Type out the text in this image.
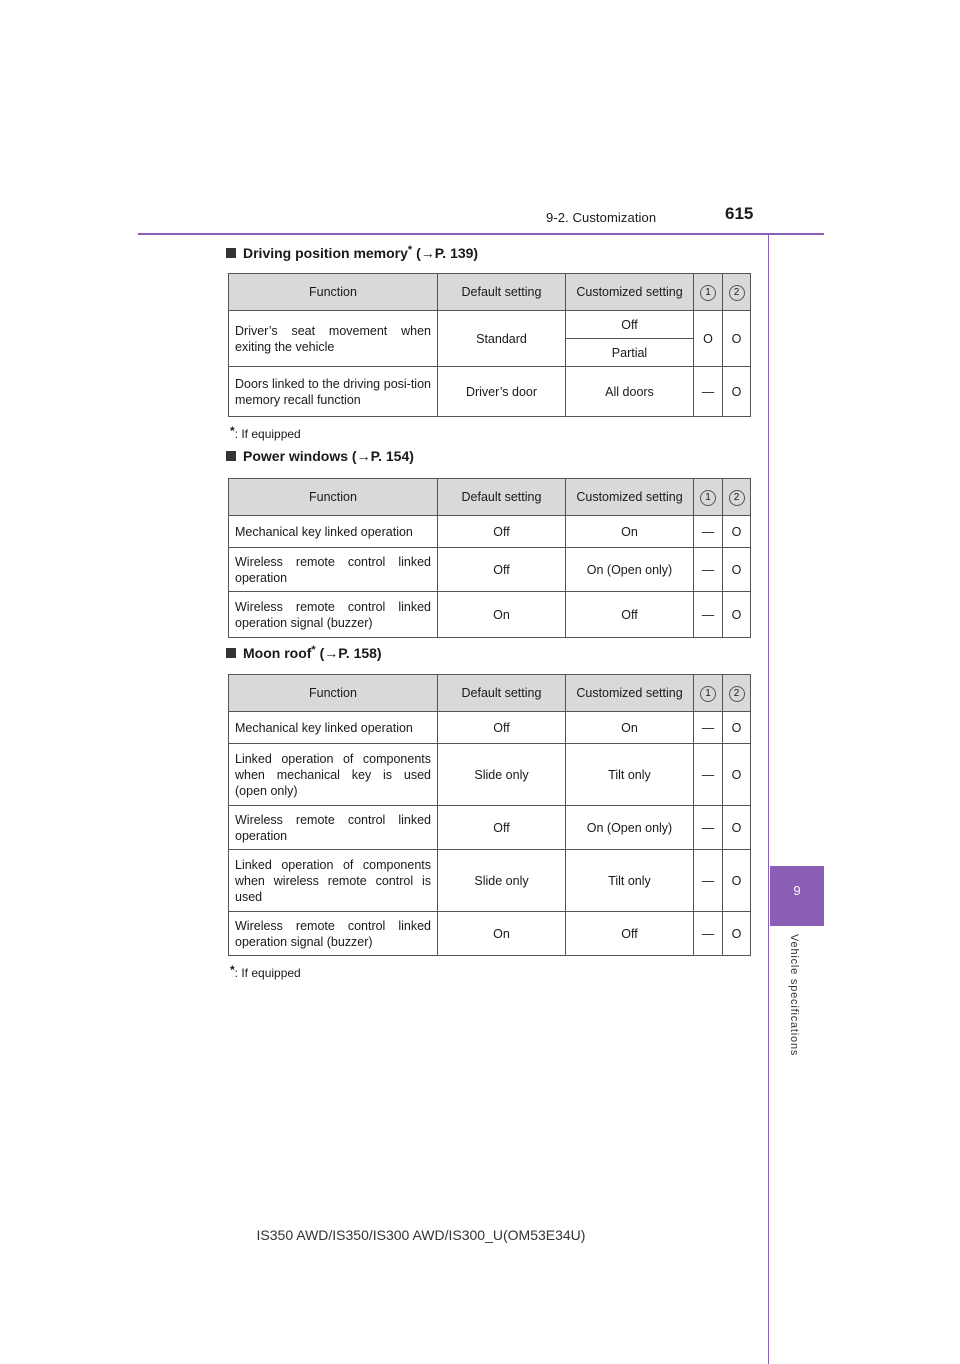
9-2. Customization	615
9
Vehicle specifications
Driving position memory* (→P. 139)
Function	Default setting	Customized setting	1	2
Driver’s seat movement when exiting the vehicle	Standard	Off	O	O
		Partial		
Doors linked to the driving posi-tion memory recall function	Driver’s door	All doors	—	O
*: If equipped
Power windows (→P. 154)
Function	Default setting	Customized setting	1	2
Mechanical key linked operation	Off	On	—	O
Wireless remote control linked operation	Off	On (Open only)	—	O
Wireless remote control linked operation signal (buzzer)	On	Off	—	O
Moon roof* (→P. 158)
Function	Default setting	Customized setting	1	2
Mechanical key linked operation	Off	On	—	O
Linked operation of components when mechanical key is used (open only)	Slide only	Tilt only	—	O
Wireless remote control linked operation	Off	On (Open only)	—	O
Linked operation of components when wireless remote control is used	Slide only	Tilt only	—	O
Wireless remote control linked operation signal (buzzer)	On	Off	—	O
*: If equipped
IS350 AWD/IS350/IS300 AWD/IS300_U(OM53E34U)
